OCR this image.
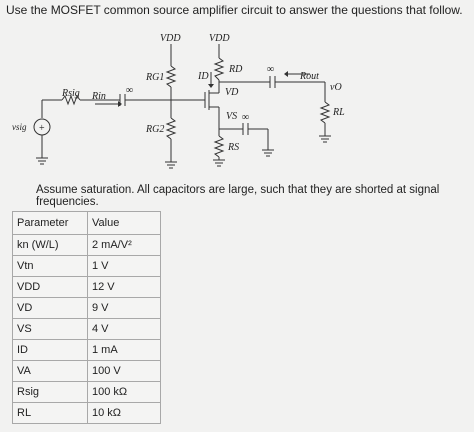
Use the MOSFET common source amplifier circuit to answer the questions that follow.
+
VDD	VDD
RG1
RG2
RD
ID
VD
VS
RS
Rsig Rin
Rout
vO
RL
vsig
∞
∞
∞
Assume saturation. All capacitors are large, such that they are shorted at signal frequencies.
Parameter	Value
kn (W/L)	2 mA/V²
Vtn	1 V
VDD	12 V
VD	9 V
VS	4 V
ID	1 mA
VA	100 V
Rsig	100 kΩ
RL	10 kΩ
